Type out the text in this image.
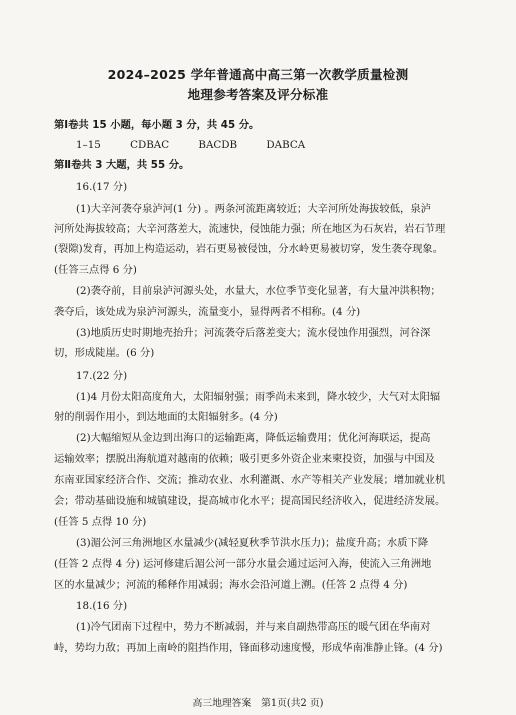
2024–2025 学年普通高中高三第一次教学质量检测
地理参考答案及评分标准
第Ⅰ卷共 15 小题，每小题 3 分，共 45 分。
1–15	CDBAC	BACDB	DABCA
第Ⅱ卷共 3 大题，共 55 分。
16.(17 分)
(1)大辛河袭夺泉泸河(1 分) 。两条河流距离较近；大辛河所处海拔较低，泉泸
河所处海拔较高；大辛河落差大，流速快，侵蚀能力强；所在地区为石灰岩，岩石节理
(裂隙)发育，再加上构造运动，岩石更易被侵蚀，分水岭更易被切穿，发生袭夺现象。
(任答三点得 6 分)
(2)袭夺前，目前泉泸河源头处，水量大，水位季节变化显著，有大量冲洪积物；
袭夺后，该处成为泉泸河源头，流量变小，显得两者不相称。(4 分)
(3)地质历史时期地壳抬升；河流袭夺后落差变大；流水侵蚀作用强烈，河谷深
切，形成陡崖。(6 分)
17.(22 分)
(1)4 月份太阳高度角大，太阳辐射强；雨季尚未来到，降水较少，大气对太阳辐
射的削弱作用小，到达地面的太阳辐射多。(4 分)
(2)大幅缩短从金边到出海口的运输距离，降低运输费用；优化河海联运，提高
运输效率；摆脱出海航道对越南的依赖；吸引更多外资企业来柬投资，加强与中国及
东南亚国家经济合作、交流；推动农业、水利灌溉、水产等相关产业发展；增加就业机
会；带动基础设施和城镇建设，提高城市化水平；提高国民经济收入，促进经济发展。
(任答 5 点得 10 分)
(3)湄公河三角洲地区水量减少(减轻夏秋季节洪水压力)；盐度升高；水质下降
(任答 2 点得 4 分) 运河修建后湄公河一部分水量会通过运河入海，使流入三角洲地
区的水量减少；河流的稀释作用减弱；海水会沿河道上溯。(任答 2 点得 4 分)
18.(16 分)
(1)冷气团南下过程中，势力不断减弱，并与来自副热带高压的暖气团在华南对
峙，势均力敌；再加上南岭的阻挡作用，锋面移动速度慢，形成华南准静止锋。(4 分)
高三地理答案　第1页(共2 页)
